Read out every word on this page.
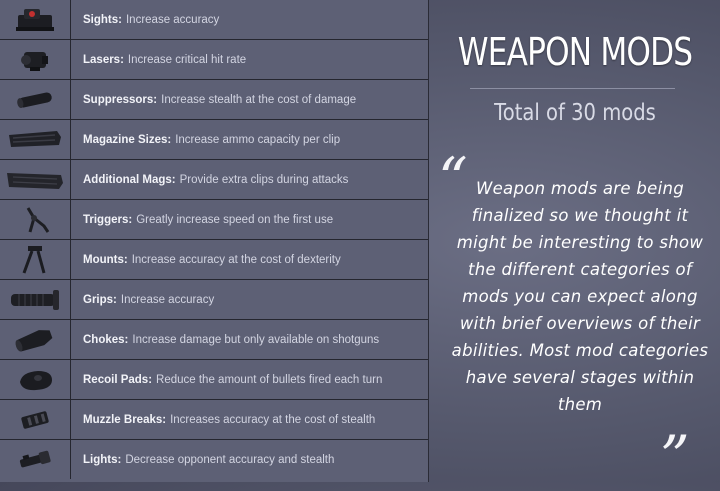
Sights: Increase accuracy
Lasers: Increase critical hit rate
Suppressors: Increase stealth at the cost of damage
Magazine Sizes: Increase ammo capacity per clip
Additional Mags: Provide extra clips during attacks
Triggers: Greatly increase speed on the first use
Mounts: Increase accuracy at the cost of dexterity
Grips: Increase accuracy
Chokes: Increase damage but only available on shotguns
Recoil Pads: Reduce the amount of bullets fired each turn
Muzzle Breaks: Increases accuracy at the cost of stealth
Lights: Decrease opponent accuracy and stealth
WEAPON MODS
Total of 30 mods
“ Weapon mods are being finalized so we thought it might be interesting to show the different categories of mods you can expect along with brief overviews of their abilities. Most mod categories have several stages within them
”
